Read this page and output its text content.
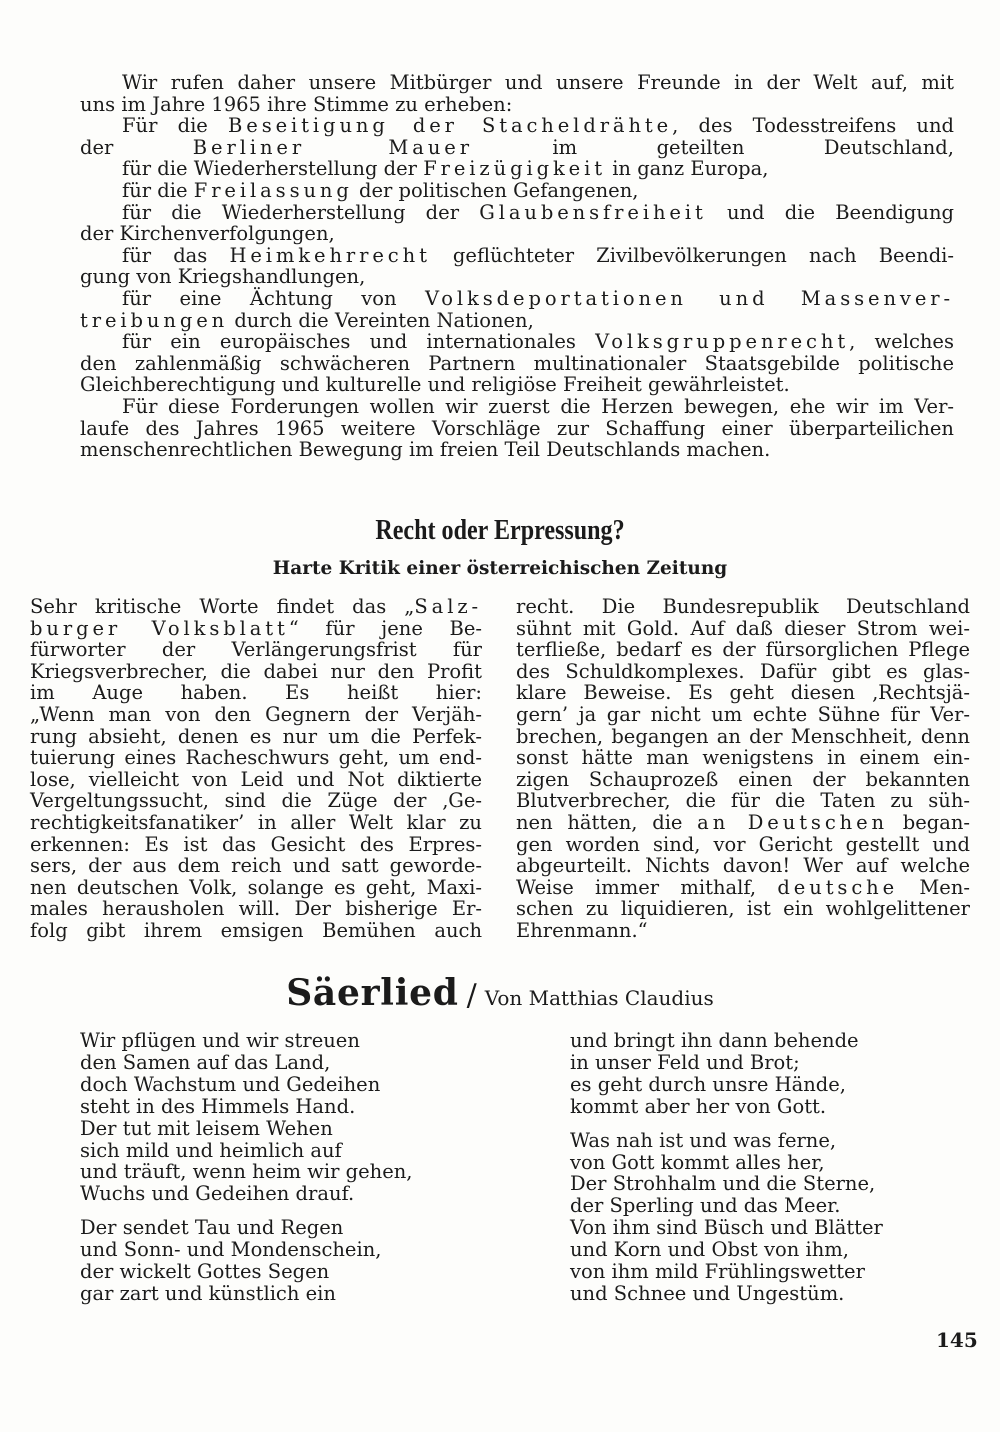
Wir rufen daher unsere Mitbürger und unsere Freunde in der Welt auf, mit
uns im Jahre 1965 ihre Stimme zu erheben:
Für die Beseitigung der Stacheldrähte, des Todesstreifens und
der Berliner Mauer im geteilten Deutschland,
für die Wiederherstellung der Freizügigkeit in ganz Europa,
für die Freilassung der politischen Gefangenen,
für die Wiederherstellung der Glaubensfreiheit und die Beendigung
der Kirchenverfolgungen,
für das Heimkehrrecht geflüchteter Zivilbevölkerungen nach Beendi-
gung von Kriegshandlungen,
für eine Ächtung von Volksdeportationen und Massenver-
treibungen durch die Vereinten Nationen,
für ein europäisches und internationales Volksgruppenrecht, welches
den zahlenmäßig schwächeren Partnern multinationaler Staatsgebilde politische
Gleichberechtigung und kulturelle und religiöse Freiheit gewährleistet.
Für diese Forderungen wollen wir zuerst die Herzen bewegen, ehe wir im Ver-
laufe des Jahres 1965 weitere Vorschläge zur Schaffung einer überparteilichen
menschenrechtlichen Bewegung im freien Teil Deutschlands machen.
Recht oder Erpressung?
Harte Kritik einer österreichischen Zeitung
Sehr kritische Worte findet das „Salz-
burger Volksblatt“ für jene Be-
fürworter der Verlängerungsfrist für
Kriegsverbrecher, die dabei nur den Profit
im Auge haben. Es heißt hier:
„Wenn man von den Gegnern der Verjäh-
rung absieht, denen es nur um die Perfek-
tuierung eines Racheschwurs geht, um end-
lose, vielleicht von Leid und Not diktierte
Vergeltungssucht, sind die Züge der ‚Ge-
rechtigkeitsfanatiker’ in aller Welt klar zu
erkennen: Es ist das Gesicht des Erpres-
sers, der aus dem reich und satt geworde-
nen deutschen Volk, solange es geht, Maxi-
males herausholen will. Der bisherige Er-
folg gibt ihrem emsigen Bemühen auch
recht. Die Bundesrepublik Deutschland
sühnt mit Gold. Auf daß dieser Strom wei-
terfließe, bedarf es der fürsorglichen Pflege
des Schuldkomplexes. Dafür gibt es glas-
klare Beweise. Es geht diesen ‚Rechtsjä-
gern’ ja gar nicht um echte Sühne für Ver-
brechen, begangen an der Menschheit, denn
sonst hätte man wenigstens in einem ein-
zigen Schauprozeß einen der bekannten
Blutverbrecher, die für die Taten zu süh-
nen hätten, die an Deutschen began-
gen worden sind, vor Gericht gestellt und
abgeurteilt. Nichts davon! Wer auf welche
Weise immer mithalf, deutsche Men-
schen zu liquidieren, ist ein wohlgelittener
Ehrenmann.“
Säerlied / Von Matthias Claudius
Wir pflügen und wir streuen
den Samen auf das Land,
doch Wachstum und Gedeihen
steht in des Himmels Hand.
Der tut mit leisem Wehen
sich mild und heimlich auf
und träuft, wenn heim wir gehen,
Wuchs und Gedeihen drauf.
Der sendet Tau und Regen
und Sonn- und Mondenschein,
der wickelt Gottes Segen
gar zart und künstlich ein
und bringt ihn dann behende
in unser Feld und Brot;
es geht durch unsre Hände,
kommt aber her von Gott.
Was nah ist und was ferne,
von Gott kommt alles her,
Der Strohhalm und die Sterne,
der Sperling und das Meer.
Von ihm sind Büsch und Blätter
und Korn und Obst von ihm,
von ihm mild Frühlingswetter
und Schnee und Ungestüm.
145
